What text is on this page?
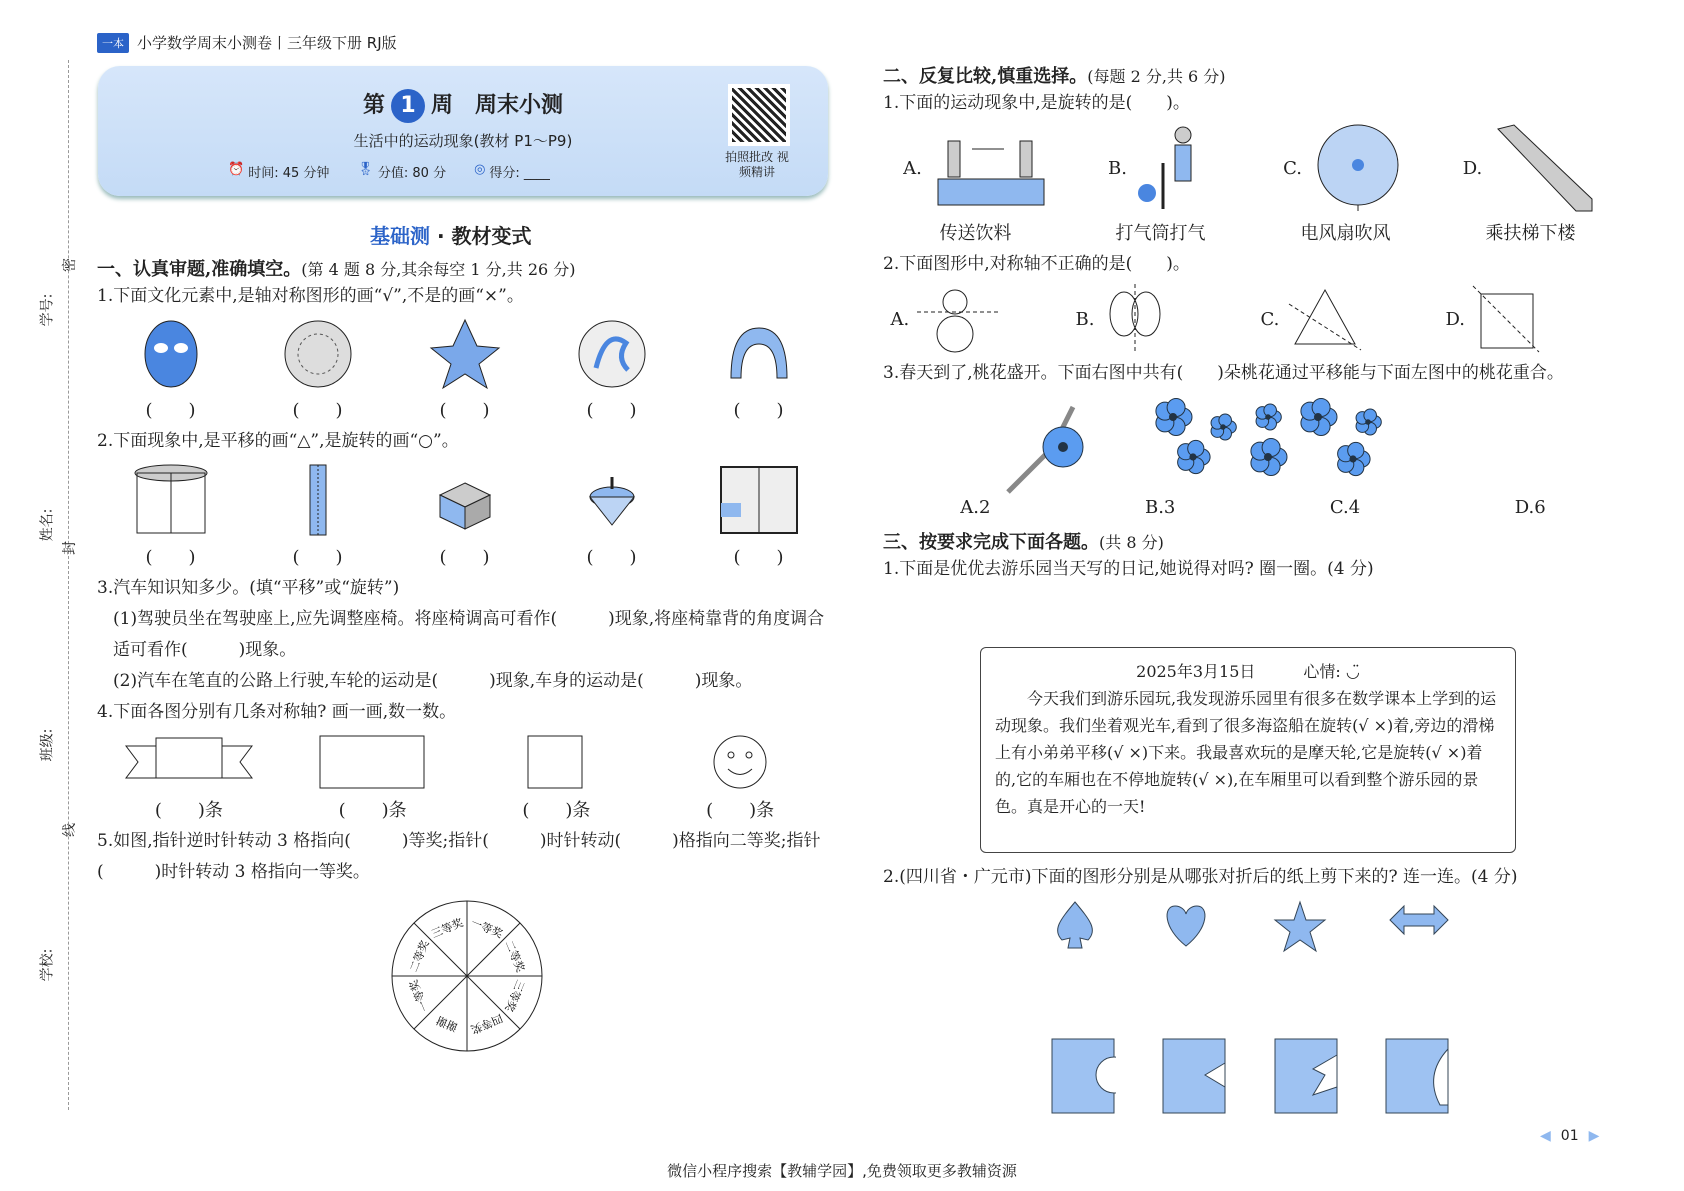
一本 小学数学周末小测卷丨三年级下册 RJ版
学号:
姓名:
班级:
学校:
密
封
线
第 1 周　周末小测
生活中的运动现象(教材 P1～P9)
⏰ 时间: 45 分钟 🎖 分值: 80 分 ◎ 得分: ____
拍照批改 视频精讲
基础测 · 教材变式
一、认真审题,准确填空。(第 4 题 8 分,其余每空 1 分,共 26 分)
1.下面文化元素中,是轴对称图形的画“√”,不是的画“×”。
(　　)	(　　)	(　　)	(　　)	(　　)
2.下面现象中,是平移的画“△”,是旋转的画“○”。
(　　)	(　　)	(　　)	(　　)	(　　)
3.汽车知识知多少。(填“平移”或“旋转”)
(1)驾驶员坐在驾驶座上,应先调整座椅。将座椅调高可看作(　　　)现象,将座椅靠背的角度调合适可看作(　　　)现象。
(2)汽车在笔直的公路上行驶,车轮的运动是(　　　)现象,车身的运动是(　　　)现象。
4.下面各图分别有几条对称轴? 画一画,数一数。
(　　)条	(　　)条	(　　)条	(　　)条
5.如图,指针逆时针转动 3 格指向(　　　)等奖;指针(　　　)时针转动(　　　)格指向二等奖;指针(　　　)时针转动 3 格指向一等奖。
一等奖
二等奖
三等奖
四等奖
谢谢
一等奖
二等奖
三等奖
二、反复比较,慎重选择。(每题 2 分,共 6 分)
1.下面的运动现象中,是旋转的是(　　)。
A.
传送饮料
B.
打气筒打气
C.
电风扇吹风
D.
乘扶梯下楼
2.下面图形中,对称轴不正确的是(　　)。
A.	B.	C.	D.
3.春天到了,桃花盛开。下面右图中共有(　　)朵桃花通过平移能与下面左图中的桃花重合。
A.2	B.3	C.4	D.6
三、按要求完成下面各题。(共 8 分)
1.下面是优优去游乐园当天写的日记,她说得对吗? 圈一圈。(4 分)
2025年3月15日　　　心情: ◡̈
　　今天我们到游乐园玩,我发现游乐园里有很多在数学课本上学到的运动现象。我们坐着观光车,看到了很多海盗船在旋转(√ ×)着,旁边的滑梯上有小弟弟平移(√ ×)下来。我最喜欢玩的是摩天轮,它是旋转(√ ×)着的,它的车厢也在不停地旋转(√ ×),在车厢里可以看到整个游乐园的景色。真是开心的一天!
2.(四川省・广元市)下面的图形分别是从哪张对折后的纸上剪下来的? 连一连。(4 分)
◀ 01 ▶
微信小程序搜索【教辅学园】,免费领取更多教辅资源
